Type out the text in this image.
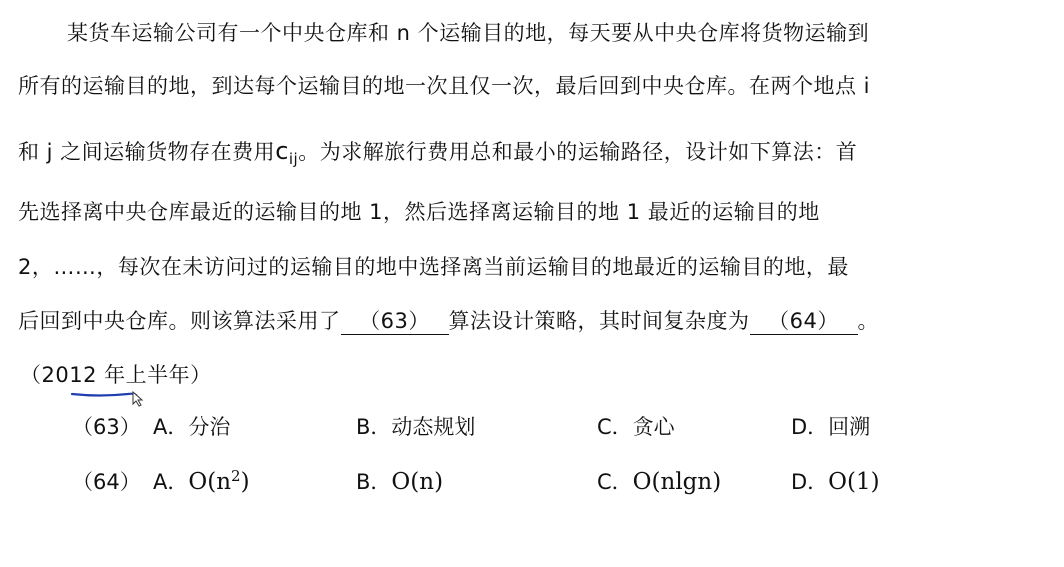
某货车运输公司有一个中央仓库和 n 个运输目的地，每天要从中央仓库将货物运输到
所有的运输目的地，到达每个运输目的地一次且仅一次，最后回到中央仓库。在两个地点 i
和 j 之间运输货物存在费用$c_{ij}$。为求解旅行费用总和最小的运输路径，设计如下算法：首
先选择离中央仓库最近的运输目的地 1，然后选择离运输目的地 1 最近的运输目的地
2，……，每次在未访问过的运输目的地中选择离当前运输目的地最近的运输目的地，最
后回到中央仓库。则该算法采用了 （63） 算法设计策略，其时间复杂度为 （64） 。
（2012 年上半年）
（63） A．分治	B．动态规划	C．贪心	D．回溯
（64） A．$O(n^2)$	B．O(n)	C．O(nlgn)	D．O(1)
